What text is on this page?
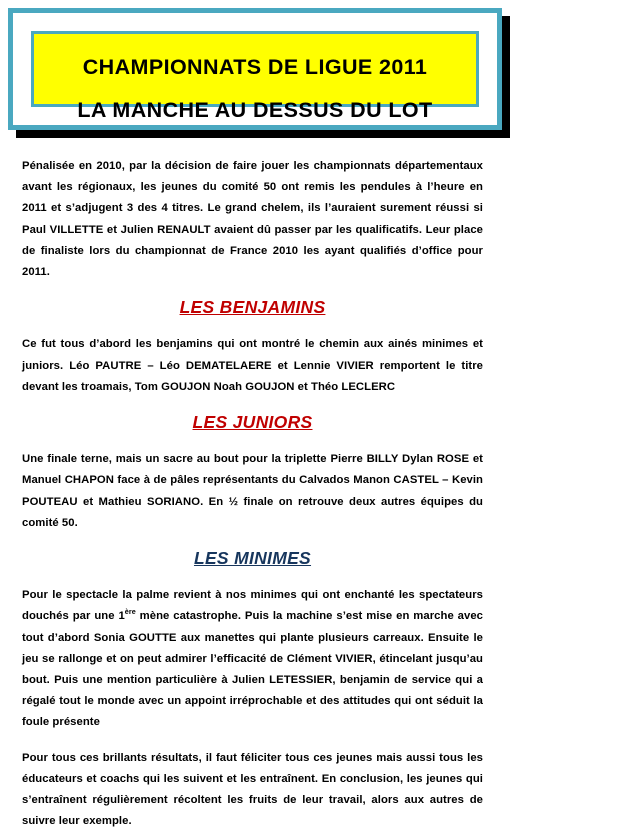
CHAMPIONNATS DE LIGUE 2011
LA MANCHE AU DESSUS DU LOT

Pénalisée en 2010, par la décision de faire jouer les championnats départementaux avant les régionaux, les jeunes du comité 50 ont remis les pendules à l’heure en 2011 et s’adjugent 3 des 4 titres. Le grand chelem, ils l’auraient surement réussi si Paul VILLETTE et Julien RENAULT avaient dû passer par les qualificatifs. Leur place de finaliste lors du championnat de France 2010 les ayant qualifiés d’office pour 2011.

LES BENJAMINS

Ce fut tous d’abord les benjamins qui ont montré le chemin aux ainés minimes et juniors. Léo PAUTRE – Léo DEMATELAERE et Lennie VIVIER remportent le titre devant les troamais, Tom GOUJON Noah GOUJON et Théo LECLERC

LES JUNIORS

Une finale terne, mais un sacre au bout pour la triplette Pierre BILLY Dylan ROSE et Manuel CHAPON face à de pâles représentants du Calvados Manon CASTEL – Kevin POUTEAU et Mathieu SORIANO. En ½ finale on retrouve deux autres équipes du comité 50.

LES MINIMES

Pour le spectacle la palme revient à nos minimes qui ont enchanté les spectateurs douchés par une 1ère mène catastrophe. Puis la machine s’est mise en marche avec tout d’abord Sonia GOUTTE aux manettes qui plante plusieurs carreaux. Ensuite le jeu se rallonge et on peut admirer l’efficacité de Clément VIVIER, étincelant jusqu’au bout. Puis une mention particulière à Julien LETESSIER, benjamin de service qui a régalé tout le monde avec un appoint irréprochable et des attitudes qui ont séduit la foule présente

Pour tous ces brillants résultats, il faut féliciter tous ces jeunes mais aussi tous les éducateurs et coachs qui les suivent et les entraînent. En conclusion, les jeunes qui s’entraînent régulièrement récoltent les fruits de leur travail, alors aux autres de suivre leur exemple.
